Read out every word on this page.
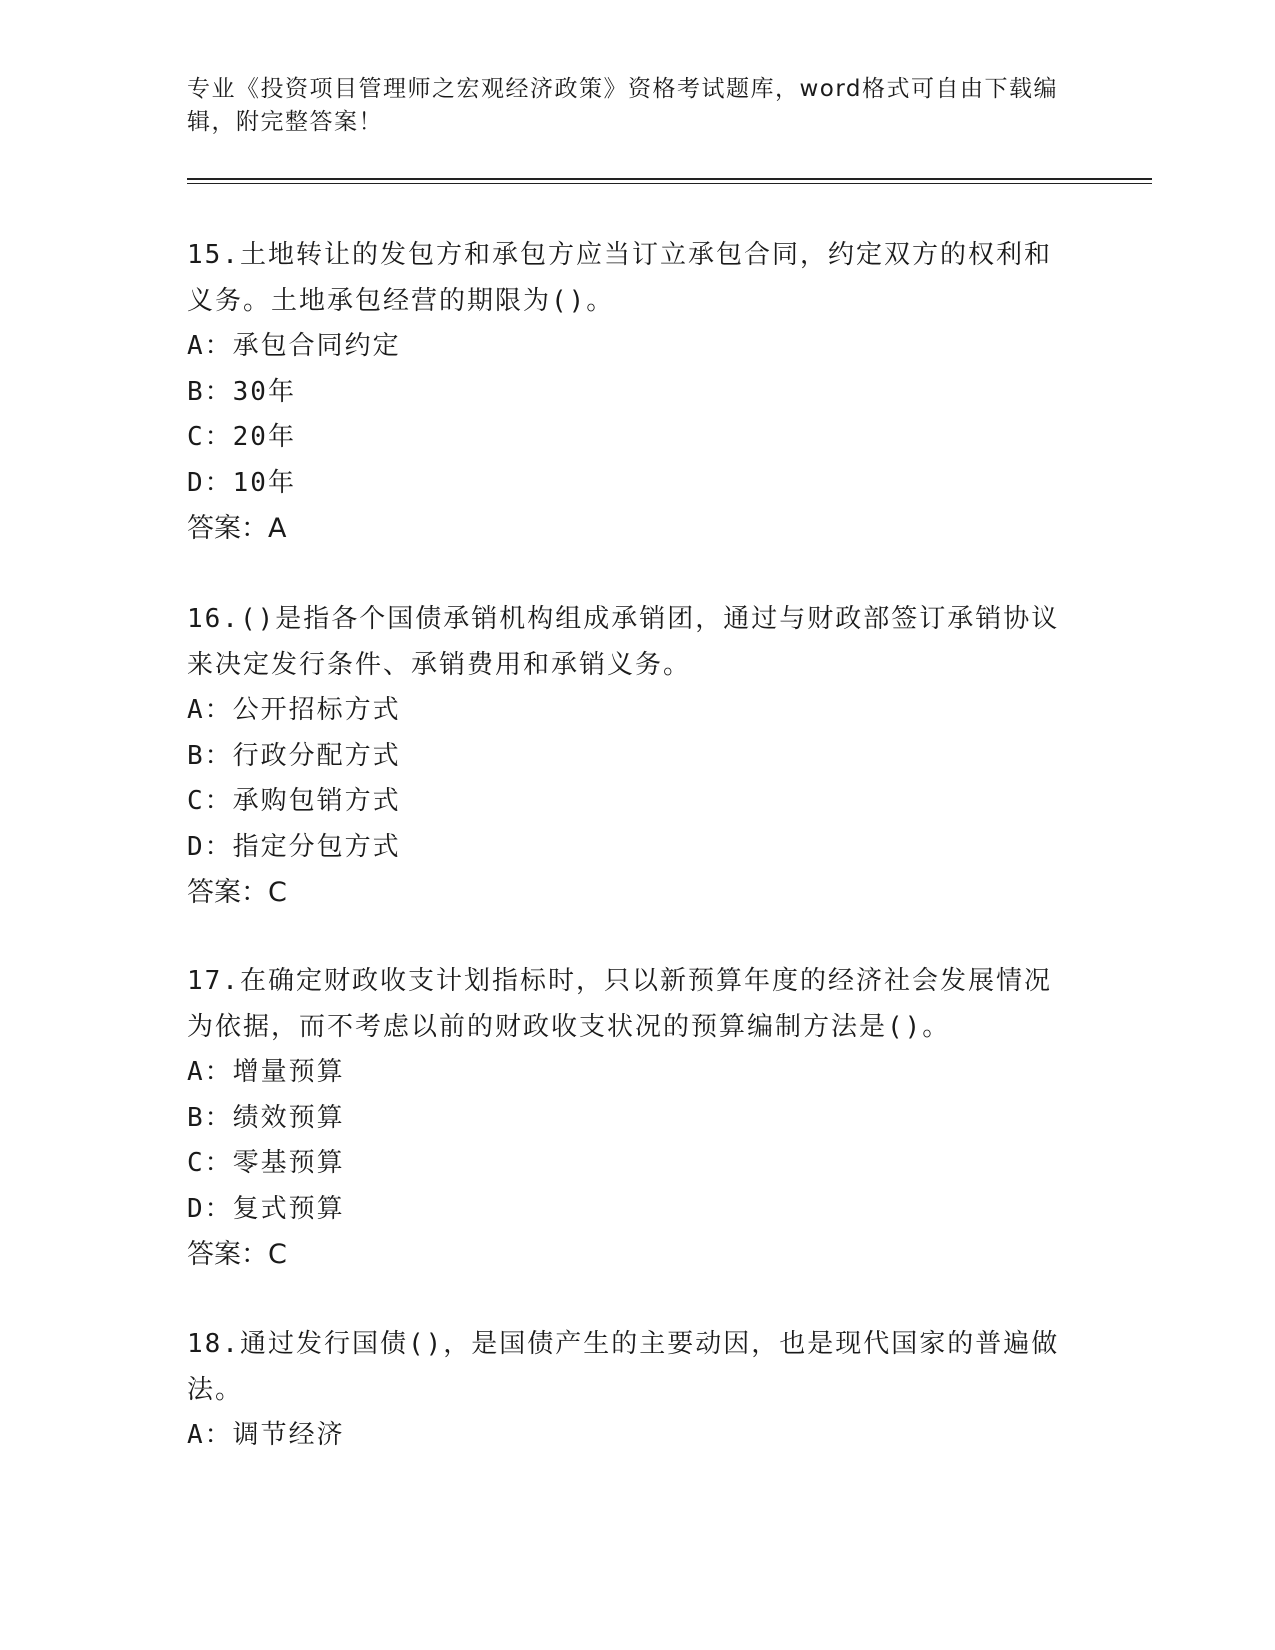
专业《投资项目管理师之宏观经济政策》资格考试题库，word格式可自由下载编辑，附完整答案！

15.土地转让的发包方和承包方应当订立承包合同，约定双方的权利和义务。土地承包经营的期限为()。

A：承包合同约定

B：30年

C：20年

D：10年

答案：A

16.()是指各个国债承销机构组成承销团，通过与财政部签订承销协议来决定发行条件、承销费用和承销义务。

A：公开招标方式

B：行政分配方式

C：承购包销方式

D：指定分包方式

答案：C

17.在确定财政收支计划指标时，只以新预算年度的经济社会发展情况为依据，而不考虑以前的财政收支状况的预算编制方法是()。

A：增量预算

B：绩效预算

C：零基预算

D：复式预算

答案：C

18.通过发行国债()，是国债产生的主要动因，也是现代国家的普遍做法。

A：调节经济
